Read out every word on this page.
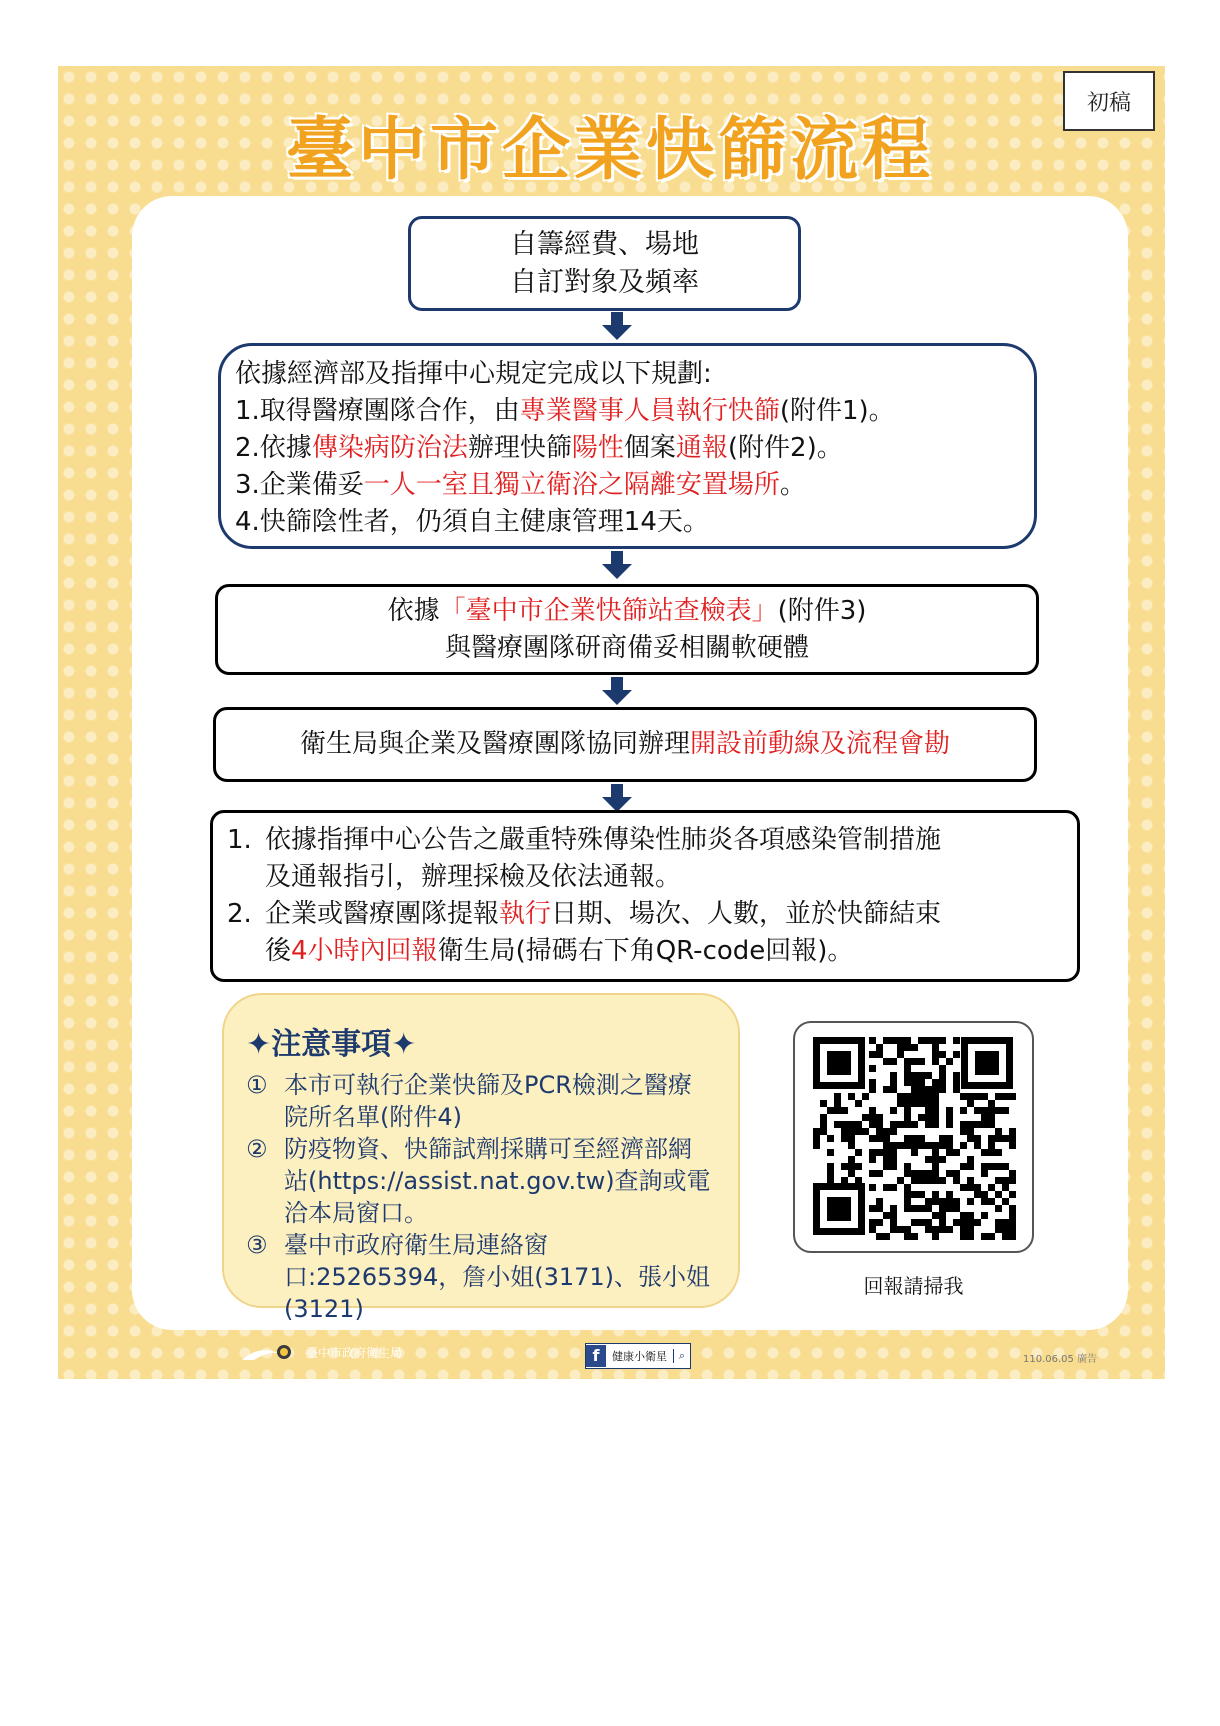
初稿
臺中市企業快篩流程
自籌經費、場地
自訂對象及頻率
依據經濟部及指揮中心規定完成以下規劃:
1.取得醫療團隊合作，由專業醫事人員執行快篩(附件1)。
2.依據傳染病防治法辦理快篩陽性個案通報(附件2)。
3.企業備妥一人一室且獨立衛浴之隔離安置場所。
4.快篩陰性者，仍須自主健康管理14天。
依據「臺中市企業快篩站查檢表」(附件3)
與醫療團隊研商備妥相關軟硬體
衛生局與企業及醫療團隊協同辦理開設前動線及流程會勘

1. 依據指揮中心公告之嚴重特殊傳染性肺炎各項感染管制措施

及通報指引，辦理採檢及依法通報。

2. 企業或醫療團隊提報執行日期、場次、人數，並於快篩結束

後4小時內回報衛生局(掃碼右下角QR-code回報)。

✦注意事項✦
① 本市可執行企業快篩及PCR檢測之醫療院所名單(附件4)
② 防疫物資、快篩試劑採購可至經濟部網站(https://assist.nat.gov.tw)查詢或電洽本局窗口。
③ 臺中市政府衛生局連絡窗口:25265394，詹小姐(3171)、張小姐(3121)
回報請掃我
臺中市政府衛生局	f	健康小衛星	⌕	110.06.05 廣告
